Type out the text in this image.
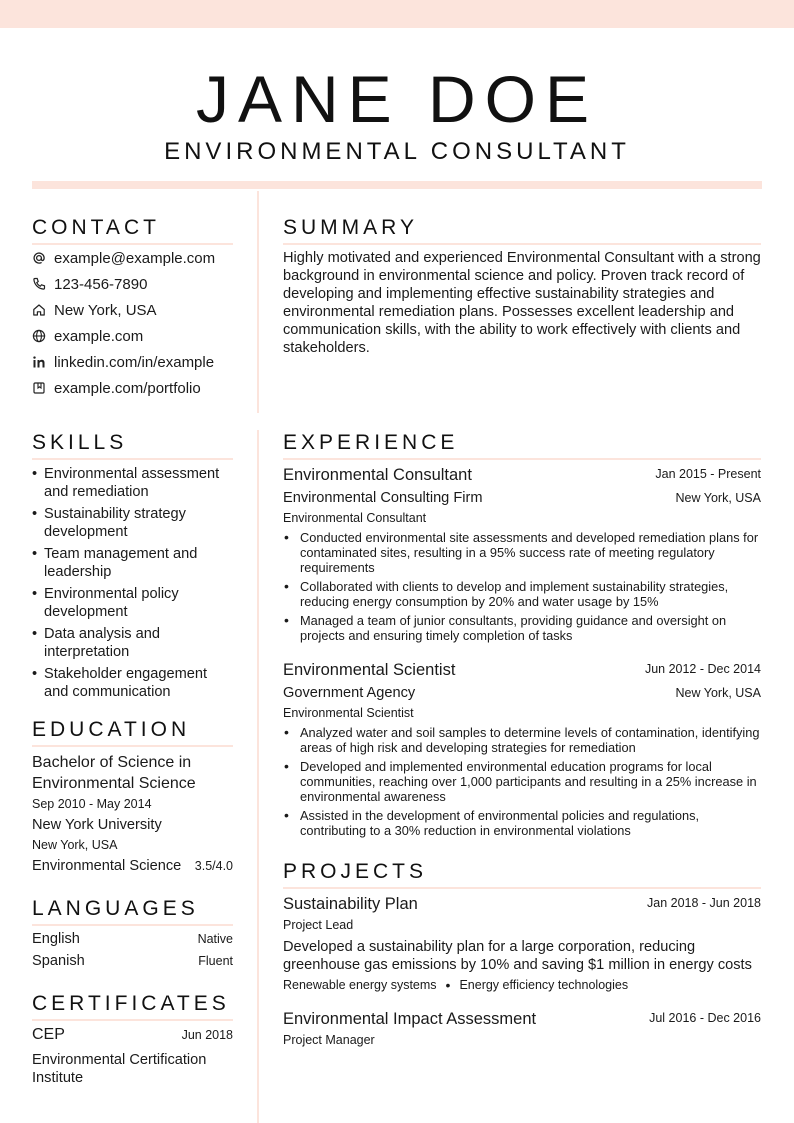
JANE DOE
ENVIRONMENTAL CONSULTANT
CONTACT
example@example.com
123-456-7890
New York, USA
example.com
linkedin.com/in/example
example.com/portfolio
SUMMARY
Highly motivated and experienced Environmental Consultant with a strong background in environmental science and policy. Proven track record of developing and implementing effective sustainability strategies and environmental remediation plans. Possesses excellent leadership and communication skills, with the ability to work effectively with clients and stakeholders.
SKILLS
• Environmental assessment and remediation
• Sustainability strategy development
• Team management and leadership
• Environmental policy development
• Data analysis and interpretation
• Stakeholder engagement and communication
EDUCATION
Bachelor of Science in Environmental Science
Sep 2010 - May 2014
New York University
New York, USA
Environmental Science	3.5/4.0
LANGUAGES
English	Native
Spanish	Fluent
CERTIFICATES
CEP	Jun 2018
Environmental Certification Institute
EXPERIENCE
Environmental Consultant	Jan 2015 - Present
Environmental Consulting Firm	New York, USA
Environmental Consultant
• Conducted environmental site assessments and developed remediation plans for contaminated sites, resulting in a 95% success rate of meeting regulatory requirements
• Collaborated with clients to develop and implement sustainability strategies, reducing energy consumption by 20% and water usage by 15%
• Managed a team of junior consultants, providing guidance and oversight on projects and ensuring timely completion of tasks
Environmental Scientist	Jun 2012 - Dec 2014
Government Agency	New York, USA
Environmental Scientist
• Analyzed water and soil samples to determine levels of contamination, identifying areas of high risk and developing strategies for remediation
• Developed and implemented environmental education programs for local communities, reaching over 1,000 participants and resulting in a 25% increase in environmental awareness
• Assisted in the development of environmental policies and regulations, contributing to a 30% reduction in environmental violations
PROJECTS
Sustainability Plan	Jan 2018 - Jun 2018
Project Lead
Developed a sustainability plan for a large corporation, reducing greenhouse gas emissions by 10% and saving $1 million in energy costs
Renewable energy systems • Energy efficiency technologies
Environmental Impact Assessment	Jul 2016 - Dec 2016
Project Manager
